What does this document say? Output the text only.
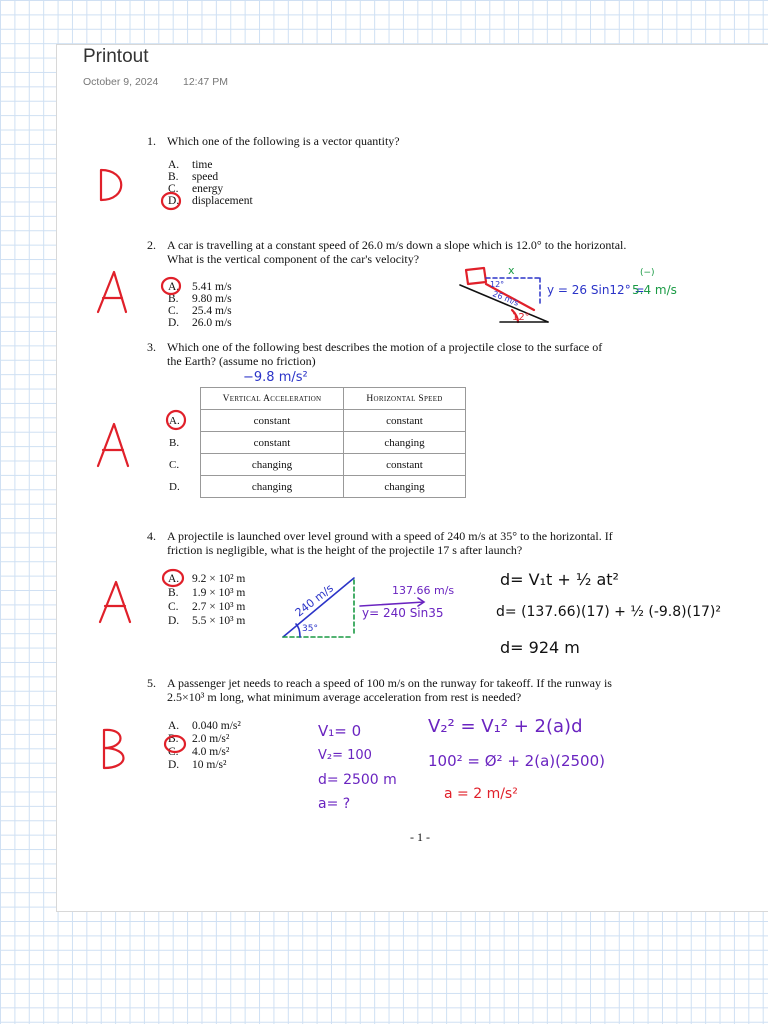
Printout
October 9, 2024 12:47 PM
1. Which one of the following is a vector quantity?
A. time
B. speed
C. energy
D. displacement
2. A car is travelling at a constant speed of 26.0 m/s down a slope which is 12.0° to the horizontal.
What is the vertical component of the car's velocity?
A. 5.41 m/s
B. 9.80 m/s
C. 25.4 m/s
D. 26.0 m/s
3. Which one of the following best describes the motion of a projectile close to the surface of
the Earth? (assume no friction)
	Vertical Acceleration	Horizontal Speed
A.	constant	constant
B.	constant	changing
C.	changing	constant
D.	changing	changing
4. A projectile is launched over level ground with a speed of 240 m/s at 35° to the horizontal. If
friction is negligible, what is the height of the projectile 17 s after launch?
A. 9.2 × 10² m
B. 1.9 × 10³ m
C. 2.7 × 10³ m
D. 5.5 × 10³ m
5. A passenger jet needs to reach a speed of 100 m/s on the runway for takeoff. If the runway is
2.5×10³ m long, what minimum average acceleration from rest is needed?
A. 0.040 m/s²
B. 2.0 m/s²
C. 4.0 m/s²
D. 10 m/s²
- 1 -
x
12°
26 m/s
12°
y = 26 Sin12° =
5.4 m/s
(−)
−9.8 m/s²
240 m/s	137.66 m/s
y= 240 Sin35
35°
d= V₁t + ½ at²
d= (137.66)(17) + ½ (-9.8)(17)²
d= 924 m
V₁= 0
V₂= 100
d= 2500 m
a= ?
V₂² = V₁² + 2(a)d
100² = Ø² + 2(a)(2500)
a = 2 m/s²
